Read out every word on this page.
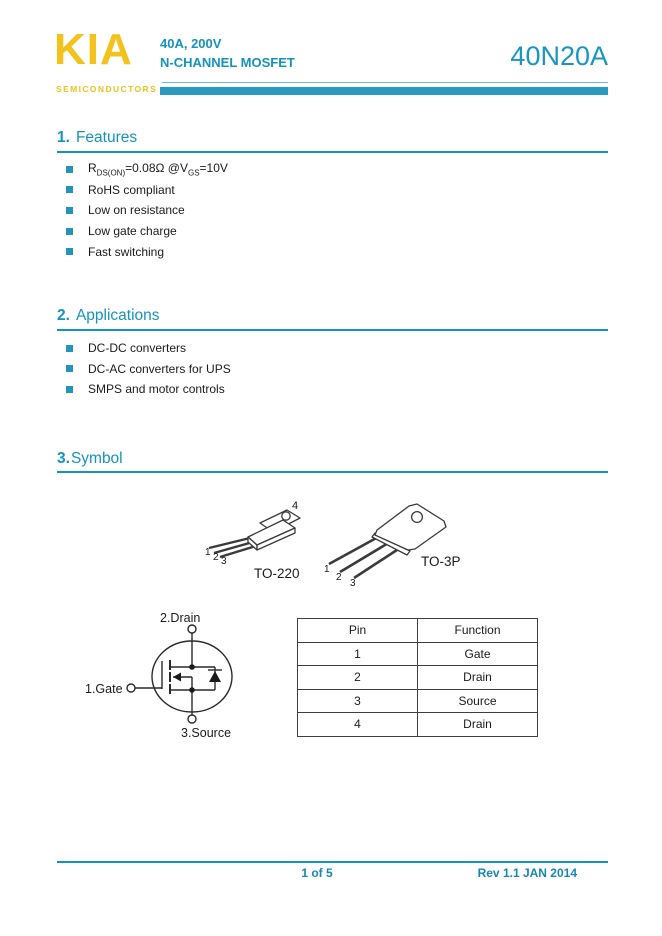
KIA
SEMICONDUCTORS
40A, 200V
N-CHANNEL MOSFET	40N20A
1. Features
$R_{DS(ON)}=0.08\Omega$ $@V_{GS}=10V$
RoHS compliant
Low on resistance
Low gate charge
Fast switching
2. Applications
DC-DC converters
DC-AC converters for UPS
SMPS and motor controls
3.Symbol
4
1 2 3
TO-220 1
2
3
TO-3P
2.Drain
1.Gate
3.Source
Pin	Function
1	Gate
2	Drain
3	Source
4	Drain
1 of 5	Rev 1.1 JAN 2014
